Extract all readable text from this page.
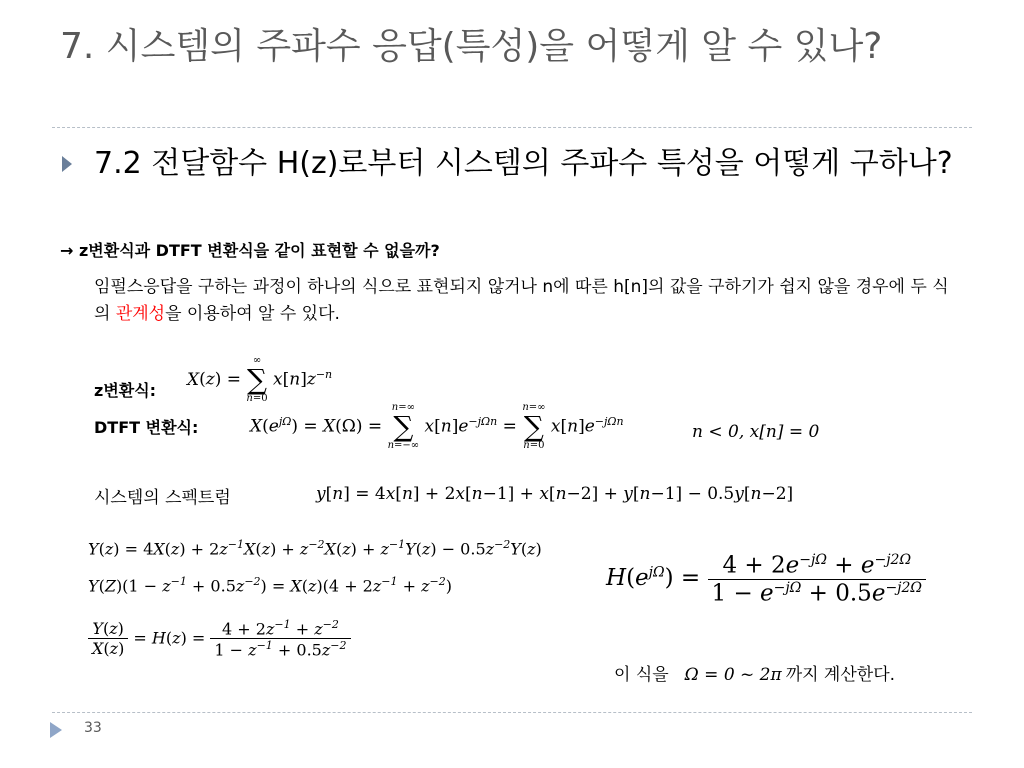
7. 시스템의 주파수 응답(특성)을 어떻게 알 수 있나?
7.2 전달함수 H(z)로부터 시스템의 주파수 특성을 어떻게 구하나?
→ z변환식과 DTFT 변환식을 같이 표현할 수 없을까?
임펄스응답을 구하는 과정이 하나의 식으로 표현되지 않거나 n에 따른 h[n]의 값을 구하기가 쉽지 않을 경우에 두 식의 관계성을 이용하여 알 수 있다.
z변환식:
X(z) =
∞
∑
n=0
$x[n]z^{-n}$
DTFT 변환식:	$X(e^{j\Omega}) = X(\Omega)$ =
n=∞
∑
n=−∞
$x[n]e^{-j\Omega n}$ =
n=∞
∑
n=0
$x[n]e^{-j\Omega n}$
n < 0, x[n] = 0
시스템의 스펙트럼	y[n] = 4x[n] + 2x[n−1] + x[n−2] + y[n−1] − 0.5y[n−2]
$Y(z) = 4X(z) + 2z^{-1}X(z) + z^{-2}X(z) + z^{-1}Y(z) - 0.5z^{-2}Y(z)$
$Y(Z)(1 - z^{-1} + 0.5z^{-2}) = X(z)(4 + 2z^{-1} + z^{-2})$
$\frac{Y(z)}{X(z)} = H(z) = \frac{4 + 2z^{-1} + z^{-2}}{1 - z^{-1} + 0.5z^{-2}}$
$H(e^{j\Omega}) = \frac{4 + 2e^{-j\Omega} + e^{-j2\Omega}}{1 - e^{-j\Omega} + 0.5e^{-j2\Omega}}$
이 식을 Ω = 0 ~ 2π 까지 계산한다.
33
